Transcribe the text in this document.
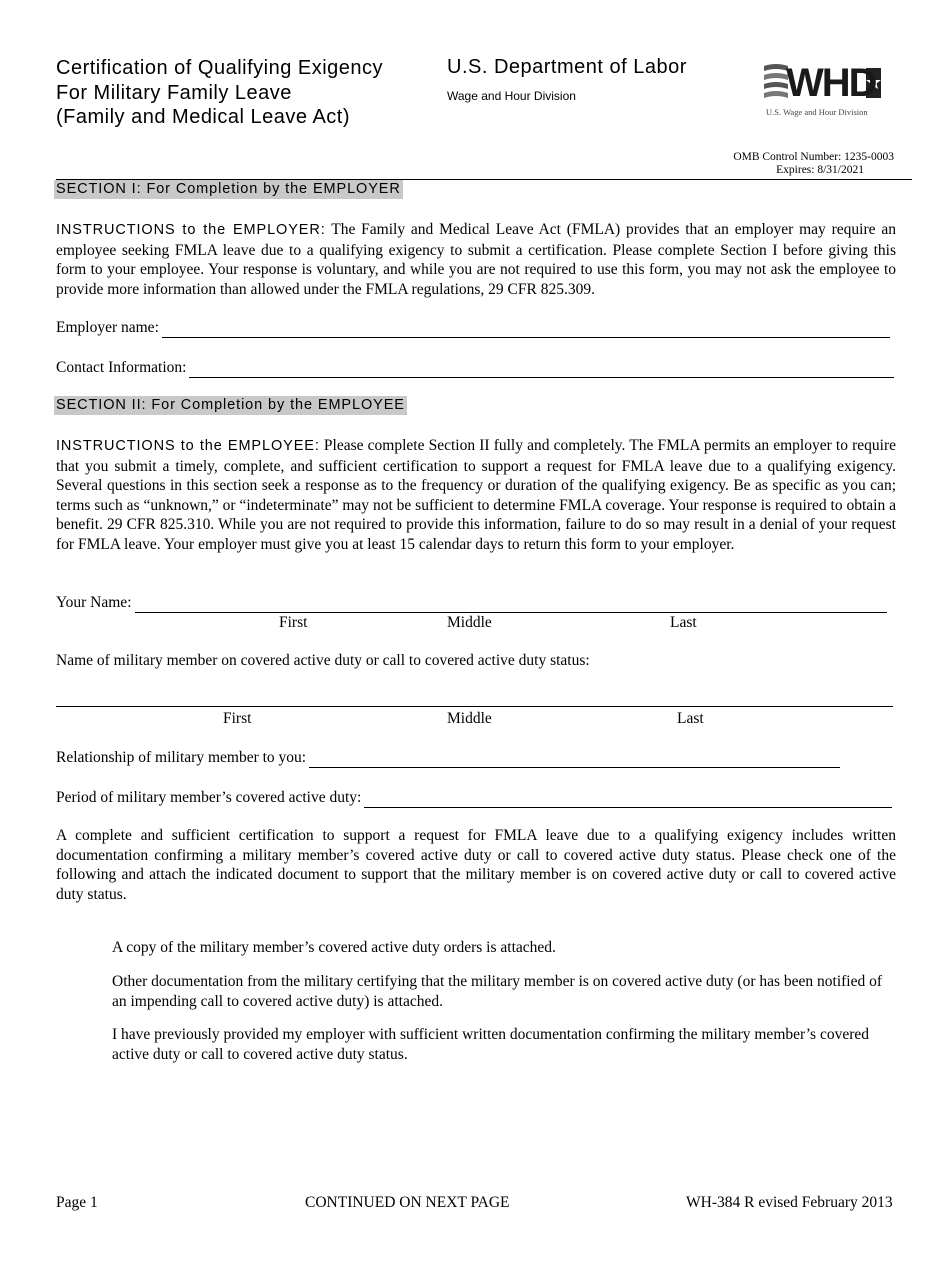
Certification of Qualifying Exigency
For Military Family Leave
(Family and Medical Leave Act)
U.S. Department of Labor
Wage and Hour Division	WHD
U.S. Wage and Hour Division
OMB Control Number: 1235-0003
Expires: 8/31/2021
SECTION I: For Completion by the EMPLOYER
INSTRUCTIONS to the EMPLOYER: The Family and Medical Leave Act (FMLA) provides that an employer may require an employee seeking FMLA leave due to a qualifying exigency to submit a certification. Please complete Section I before giving this form to your employee. Your response is voluntary, and while you are not required to use this form, you may not ask the employee to provide more information than allowed under the FMLA regulations, 29 CFR 825.309.
Employer name:
Contact Information:
SECTION II: For Completion by the EMPLOYEE
INSTRUCTIONS to the EMPLOYEE: Please complete Section II fully and completely. The FMLA permits an employer to require that you submit a timely, complete, and sufficient certification to support a request for FMLA leave due to a qualifying exigency. Several questions in this section seek a response as to the frequency or duration of the qualifying exigency. Be as specific as you can; terms such as “unknown,” or “indeterminate” may not be sufficient to determine FMLA coverage. Your response is required to obtain a benefit. 29 CFR 825.310. While you are not required to provide this information, failure to do so may result in a denial of your request for FMLA leave. Your employer must give you at least 15 calendar days to return this form to your employer.
Your Name:
First	Middle	Last
Name of military member on covered active duty or call to covered active duty status:
First	Middle	Last
Relationship of military member to you:
Period of military member’s covered active duty:
A complete and sufficient certification to support a request for FMLA leave due to a qualifying exigency includes written documentation confirming a military member’s covered active duty or call to covered active duty status. Please check one of the following and attach the indicated document to support that the military member is on covered active duty or call to covered active duty status.
A copy of the military member’s covered active duty orders is attached.
Other documentation from the military certifying that the military member is on covered active duty (or has been notified of an impending call to covered active duty) is attached.
I have previously provided my employer with sufficient written documentation confirming the military member’s covered active duty or call to covered active duty status.
Page 1	CONTINUED ON NEXT PAGE	WH-384 R evised February 2013
